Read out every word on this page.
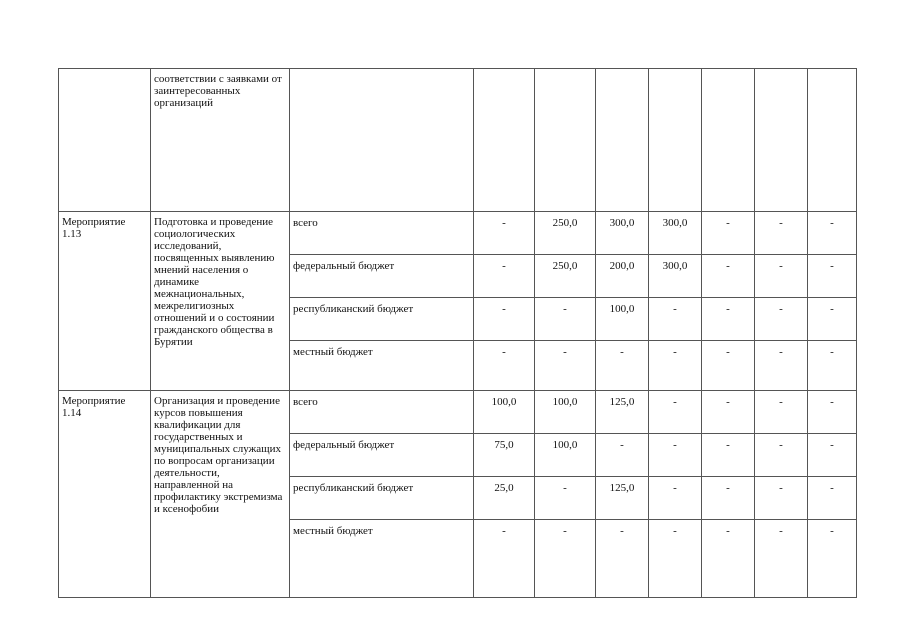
	соответствии с заявками от заинтересованных организаций								
Мероприятие 1.13	Подготовка и проведение социологических исследований, посвященных выявлению мнений населения о динамике межнациональных, межрелигиозных отношений и о состоянии гражданского общества в Бурятии	всего	-	250,0	300,0	300,0	-	-	-
		федеральный бюджет	-	250,0	200,0	300,0	-	-	-
		республиканский бюджет	-	-	100,0	-	-	-	-
		местный бюджет	-	-	-	-	-	-	-
Мероприятие 1.14	Организация и проведение курсов повышения квалификации для государственных и муниципальных служащих по вопросам организации деятельности, направленной на профилактику экстремизма и ксенофобии	всего	100,0	100,0	125,0	-	-	-	-
		федеральный бюджет	75,0	100,0	-	-	-	-	-
		республиканский бюджет	25,0	-	125,0	-	-	-	-
		местный бюджет	-	-	-	-	-	-	-
